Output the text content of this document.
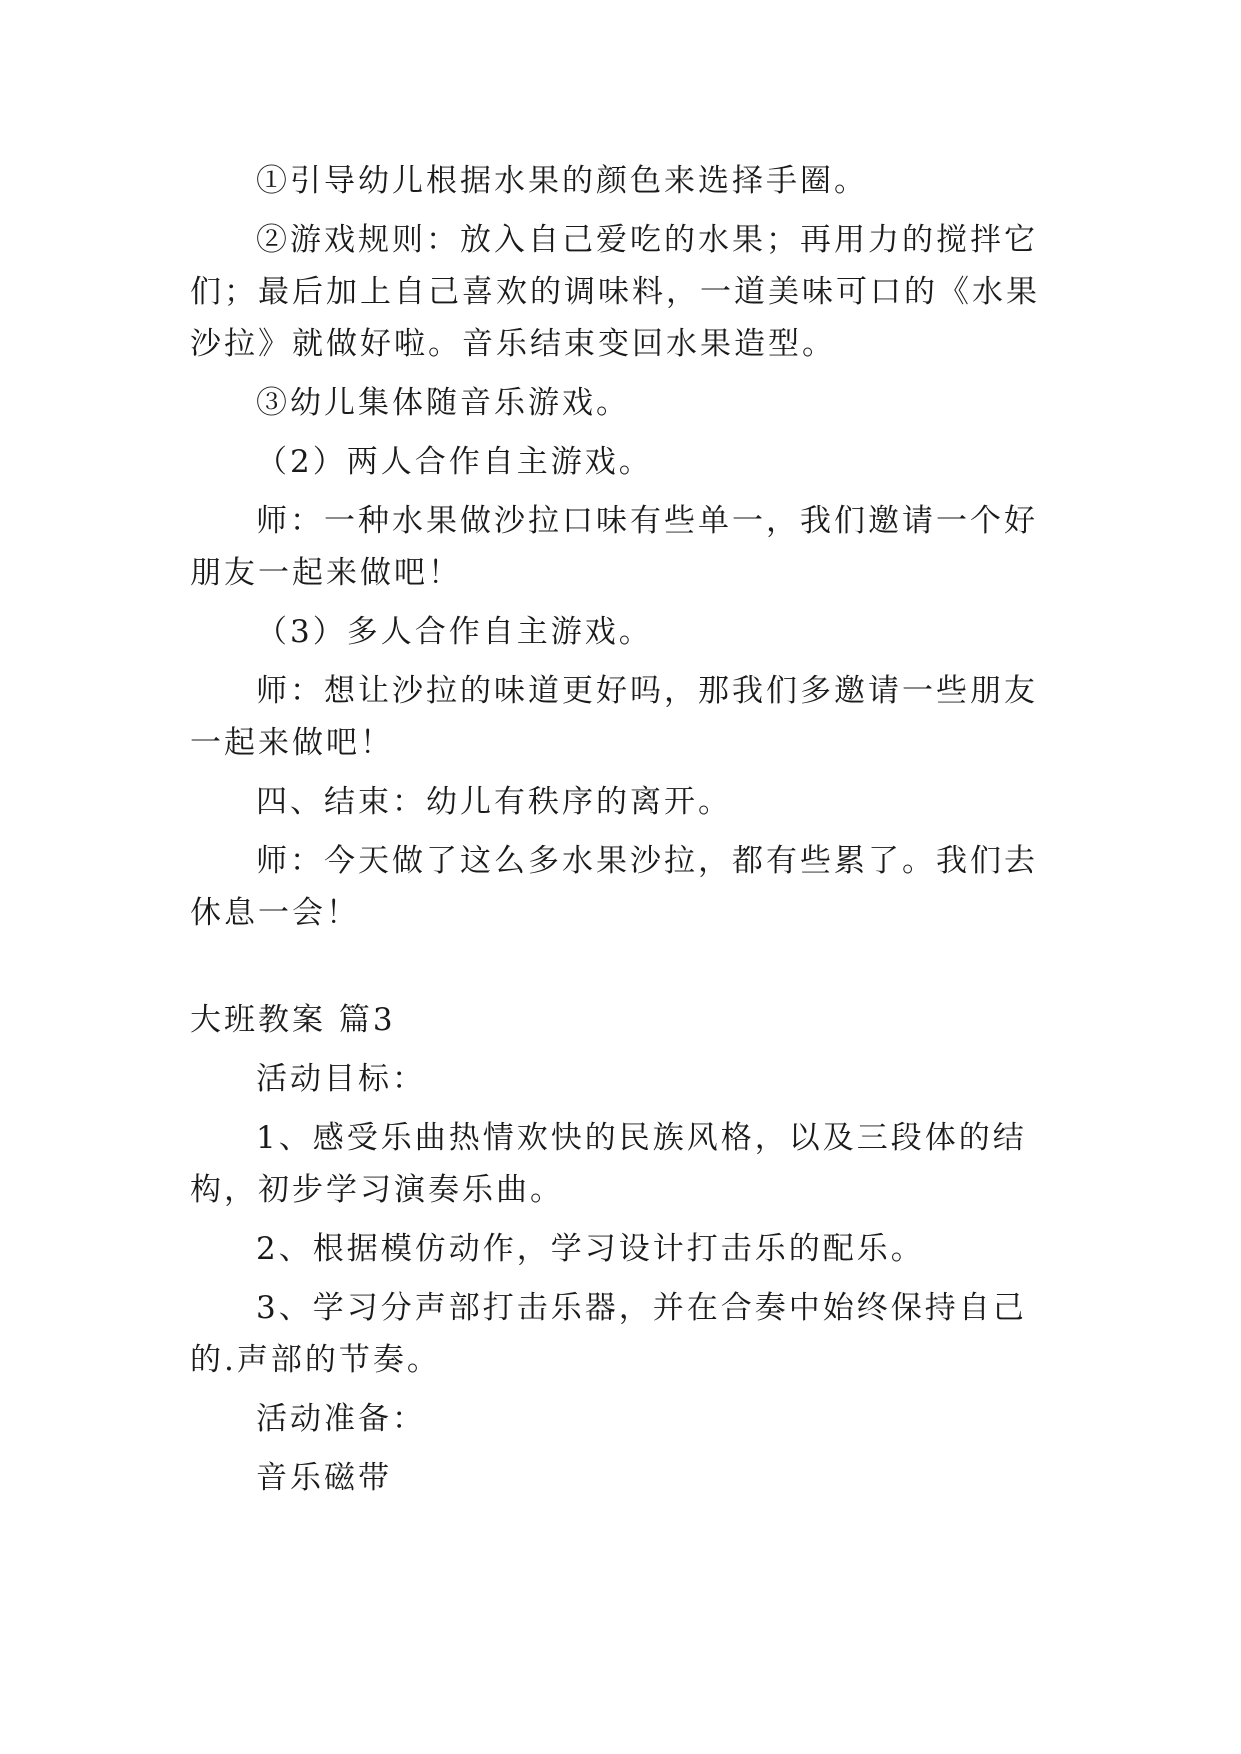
①引导幼儿根据水果的颜色来选择手圈。

②游戏规则：放入自己爱吃的水果；再用力的搅拌它们；最后加上自己喜欢的调味料，一道美味可口的《水果沙拉》就做好啦。音乐结束变回水果造型。

③幼儿集体随音乐游戏。

（2）两人合作自主游戏。

师：一种水果做沙拉口味有些单一，我们邀请一个好朋友一起来做吧！

（3）多人合作自主游戏。

师：想让沙拉的味道更好吗，那我们多邀请一些朋友一起来做吧！

四、结束：幼儿有秩序的离开。

师：今天做了这么多水果沙拉，都有些累了。我们去休息一会！

大班教案 篇3

活动目标：

1、感受乐曲热情欢快的民族风格，以及三段体的结构，初步学习演奏乐曲。

2、根据模仿动作，学习设计打击乐的配乐。

3、学习分声部打击乐器，并在合奏中始终保持自己的.声部的节奏。

活动准备：

音乐磁带
